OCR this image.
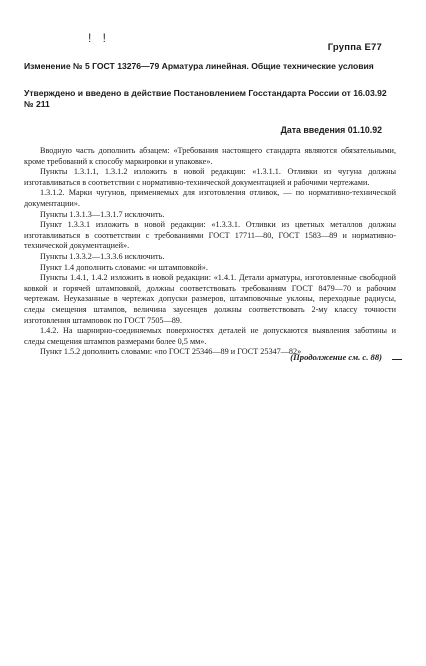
! !
Группа Е77

Изменение № 5 ГОСТ 13276—79 Арматура линейная. Общие технические условия

Утверждено и введено в действие Постановлением Госстандарта России от 16.03.92 № 211

Дата введения 01.10.92

Вводную часть дополнить абзацем: «Требования настоящего стандарта являются обязательными, кроме требований к способу маркировки и упаковке».

Пункты 1.3.1.1, 1.3.1.2 изложить в новой редакции: «1.3.1.1. Отливки из чугуна должны изготавливаться в соответствии с нормативно-технической документацией и рабочими чертежами.

1.3.1.2. Марки чугунов, применяемых для изготовления отливок, — по нормативно-технической документации».

Пункты 1.3.1.3—1.3.1.7 исключить.

Пункт 1.3.3.1 изложить в новой редакции: «1.3.3.1. Отливки из цветных металлов должны изготавливаться в соответствии с требованиями ГОСТ 17711—80, ГОСТ 1583—89 и нормативно-технической документацией».

Пункты 1.3.3.2—1.3.3.6 исключить.

Пункт 1.4 дополнить словами: «и штамповкой».

Пункты 1.4.1, 1.4.2 изложить в новой редакции: «1.4.1. Детали арматуры, изготовленные свободной ковкой и горячей штамповкой, должны соответствовать требованиям ГОСТ 8479—70 и рабочим чертежам. Неуказанные в чертежах допуски размеров, штамповочные уклоны, переходные радиусы, следы смещения штампов, величина заусенцев должны соответствовать 2-му классу точности изготовления штамповок по ГОСТ 7505—89.

1.4.2. На шарнирно-соединяемых поверхностях деталей не допускаются выявления заботины и следы смещения штампов размерами более 0,5 мм».

Пункт 1.5.2 дополнить словами: «по ГОСТ 25346—89 и ГОСТ 25347—82»

(Продолжение см. с. 88)
